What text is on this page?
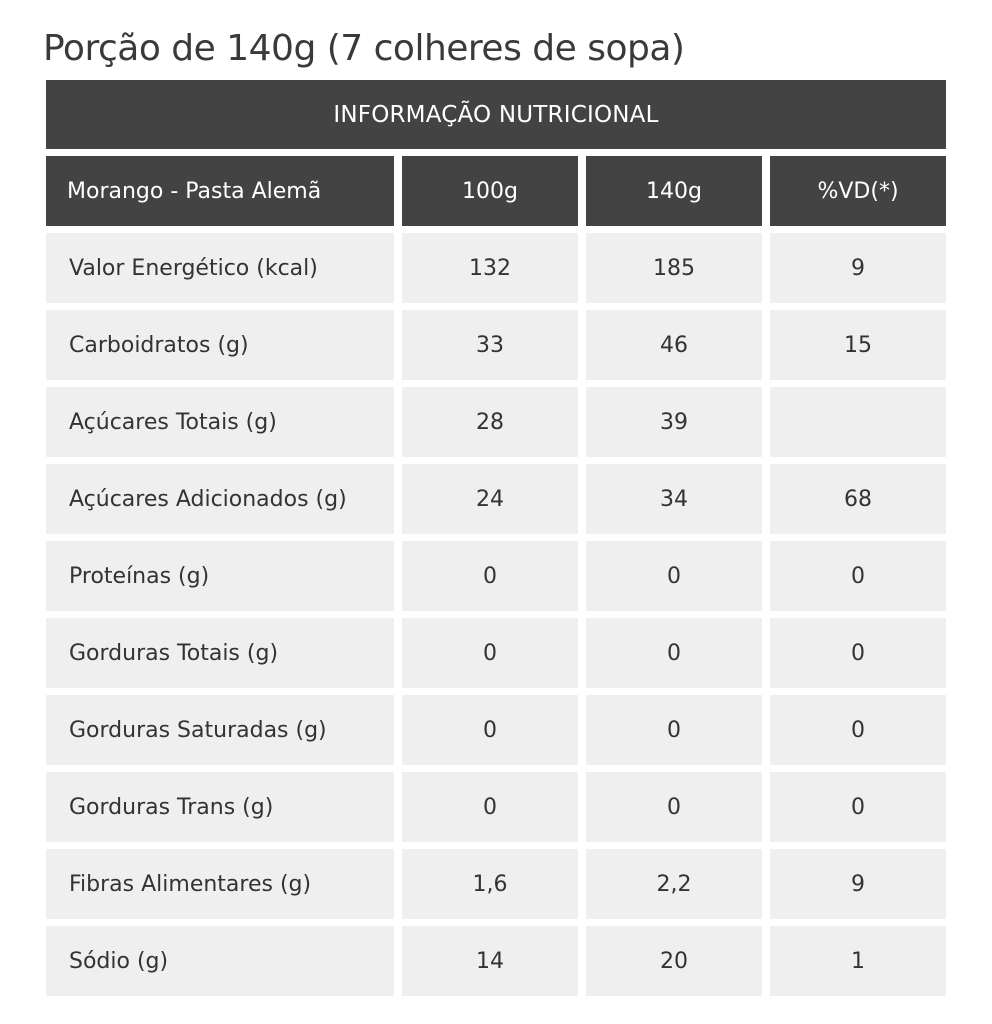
Porção de 140g (7 colheres de sopa)
INFORMAÇÃO NUTRICIONAL
Morango - Pasta Alemã	100g	140g	%VD(*)
Valor Energético (kcal)	132	185	9
Carboidratos (g)	33	46	15
Açúcares Totais (g)	28	39
Açúcares Adicionados (g)	24	34	68
Proteínas (g)	0	0	0
Gorduras Totais (g)	0	0	0
Gorduras Saturadas (g)	0	0	0
Gorduras Trans (g)	0	0	0
Fibras Alimentares (g)	1,6	2,2	9
Sódio (g)	14	20	1
